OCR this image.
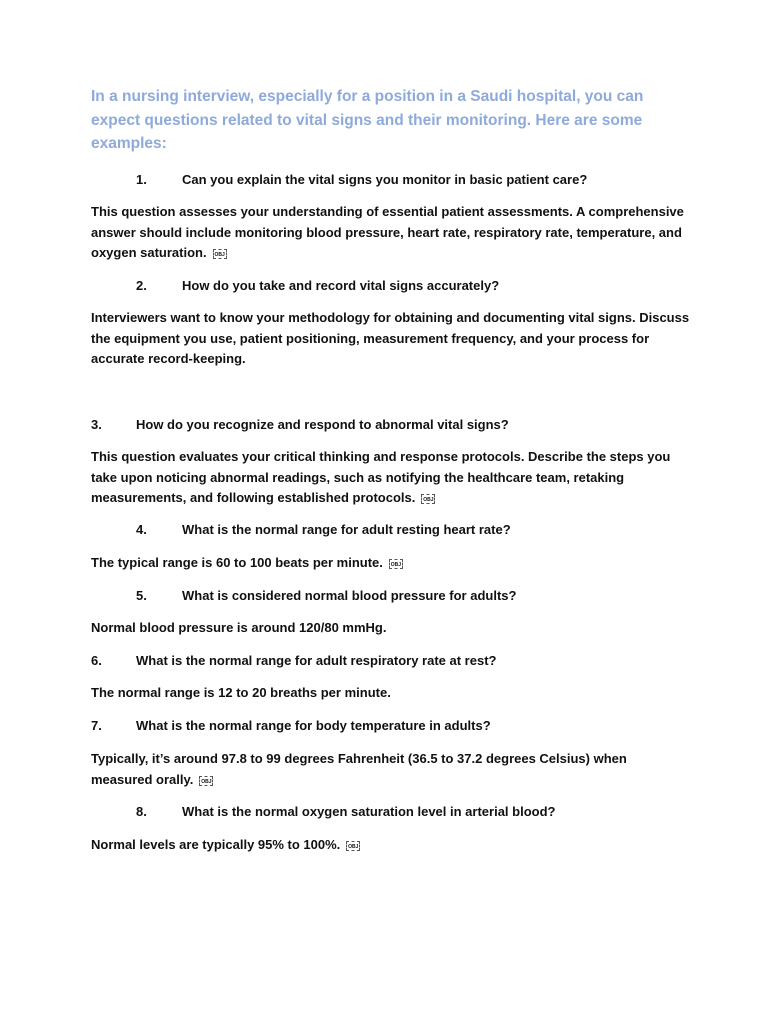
In a nursing interview, especially for a position in a Saudi hospital, you can expect questions related to vital signs and their monitoring. Here are some examples:
1.	Can you explain the vital signs you monitor in basic patient care?
This question assesses your understanding of essential patient assessments. A comprehensive answer should include monitoring blood pressure, heart rate, respiratory rate, temperature, and oxygen saturation. OBJ
2.	How do you take and record vital signs accurately?
Interviewers want to know your methodology for obtaining and documenting vital signs. Discuss the equipment you use, patient positioning, measurement frequency, and your process for accurate record-keeping.
3.	How do you recognize and respond to abnormal vital signs?
This question evaluates your critical thinking and response protocols. Describe the steps you take upon noticing abnormal readings, such as notifying the healthcare team, retaking measurements, and following established protocols. OBJ
4.	What is the normal range for adult resting heart rate?
The typical range is 60 to 100 beats per minute. OBJ
5.	What is considered normal blood pressure for adults?
Normal blood pressure is around 120/80 mmHg.
6.	What is the normal range for adult respiratory rate at rest?
The normal range is 12 to 20 breaths per minute.
7.	What is the normal range for body temperature in adults?
Typically, it’s around 97.8 to 99 degrees Fahrenheit (36.5 to 37.2 degrees Celsius) when measured orally. OBJ
8.	What is the normal oxygen saturation level in arterial blood?
Normal levels are typically 95% to 100%. OBJ
